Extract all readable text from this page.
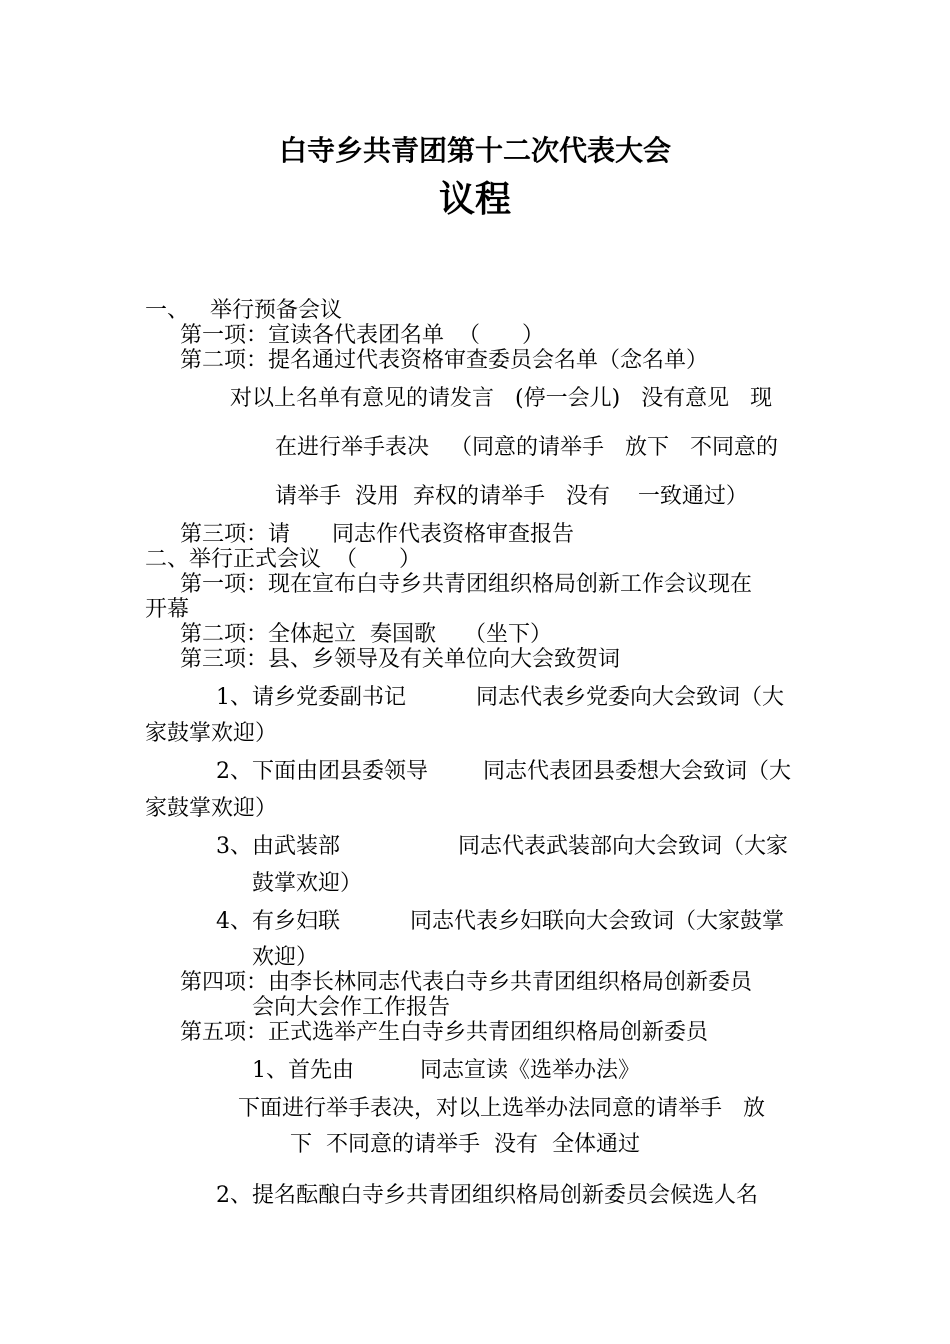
白寺乡共青团第十二次代表大会
议程
一、   举行预备会议
第一项：宣读各代表团名单  （      ）
第二项：提名通过代表资格审查委员会名单（念名单）
对以上名单有意见的请发言   (停一会儿)   没有意见   现
在进行举手表决   （同意的请举手   放下   不同意的
请举手  没用  弃权的请举手   没有    一致通过）
第三项：请      同志作代表资格审查报告
二、举行正式会议  （      ）
第一项：现在宣布白寺乡共青团组织格局创新工作会议现在
开幕
第二项：全体起立  奏国歌    （坐下）
第三项：县、乡领导及有关单位向大会致贺词
1、请乡党委副书记	同志代表乡党委向大会致词（大
家鼓掌欢迎）
2、下面由团县委领导	同志代表团县委想大会致词（大
家鼓掌欢迎）
3、由武装部	同志代表武装部向大会致词（大家
鼓掌欢迎）
4、有乡妇联	同志代表乡妇联向大会致词（大家鼓掌
欢迎）
第四项：由李长林同志代表白寺乡共青团组织格局创新委员
会向大会作工作报告
第五项：正式选举产生白寺乡共青团组织格局创新委员
1、首先由	同志宣读《选举办法》
下面进行举手表决，对以上选举办法同意的请举手   放
下  不同意的请举手  没有  全体通过
2、提名酝酿白寺乡共青团组织格局创新委员会候选人名
